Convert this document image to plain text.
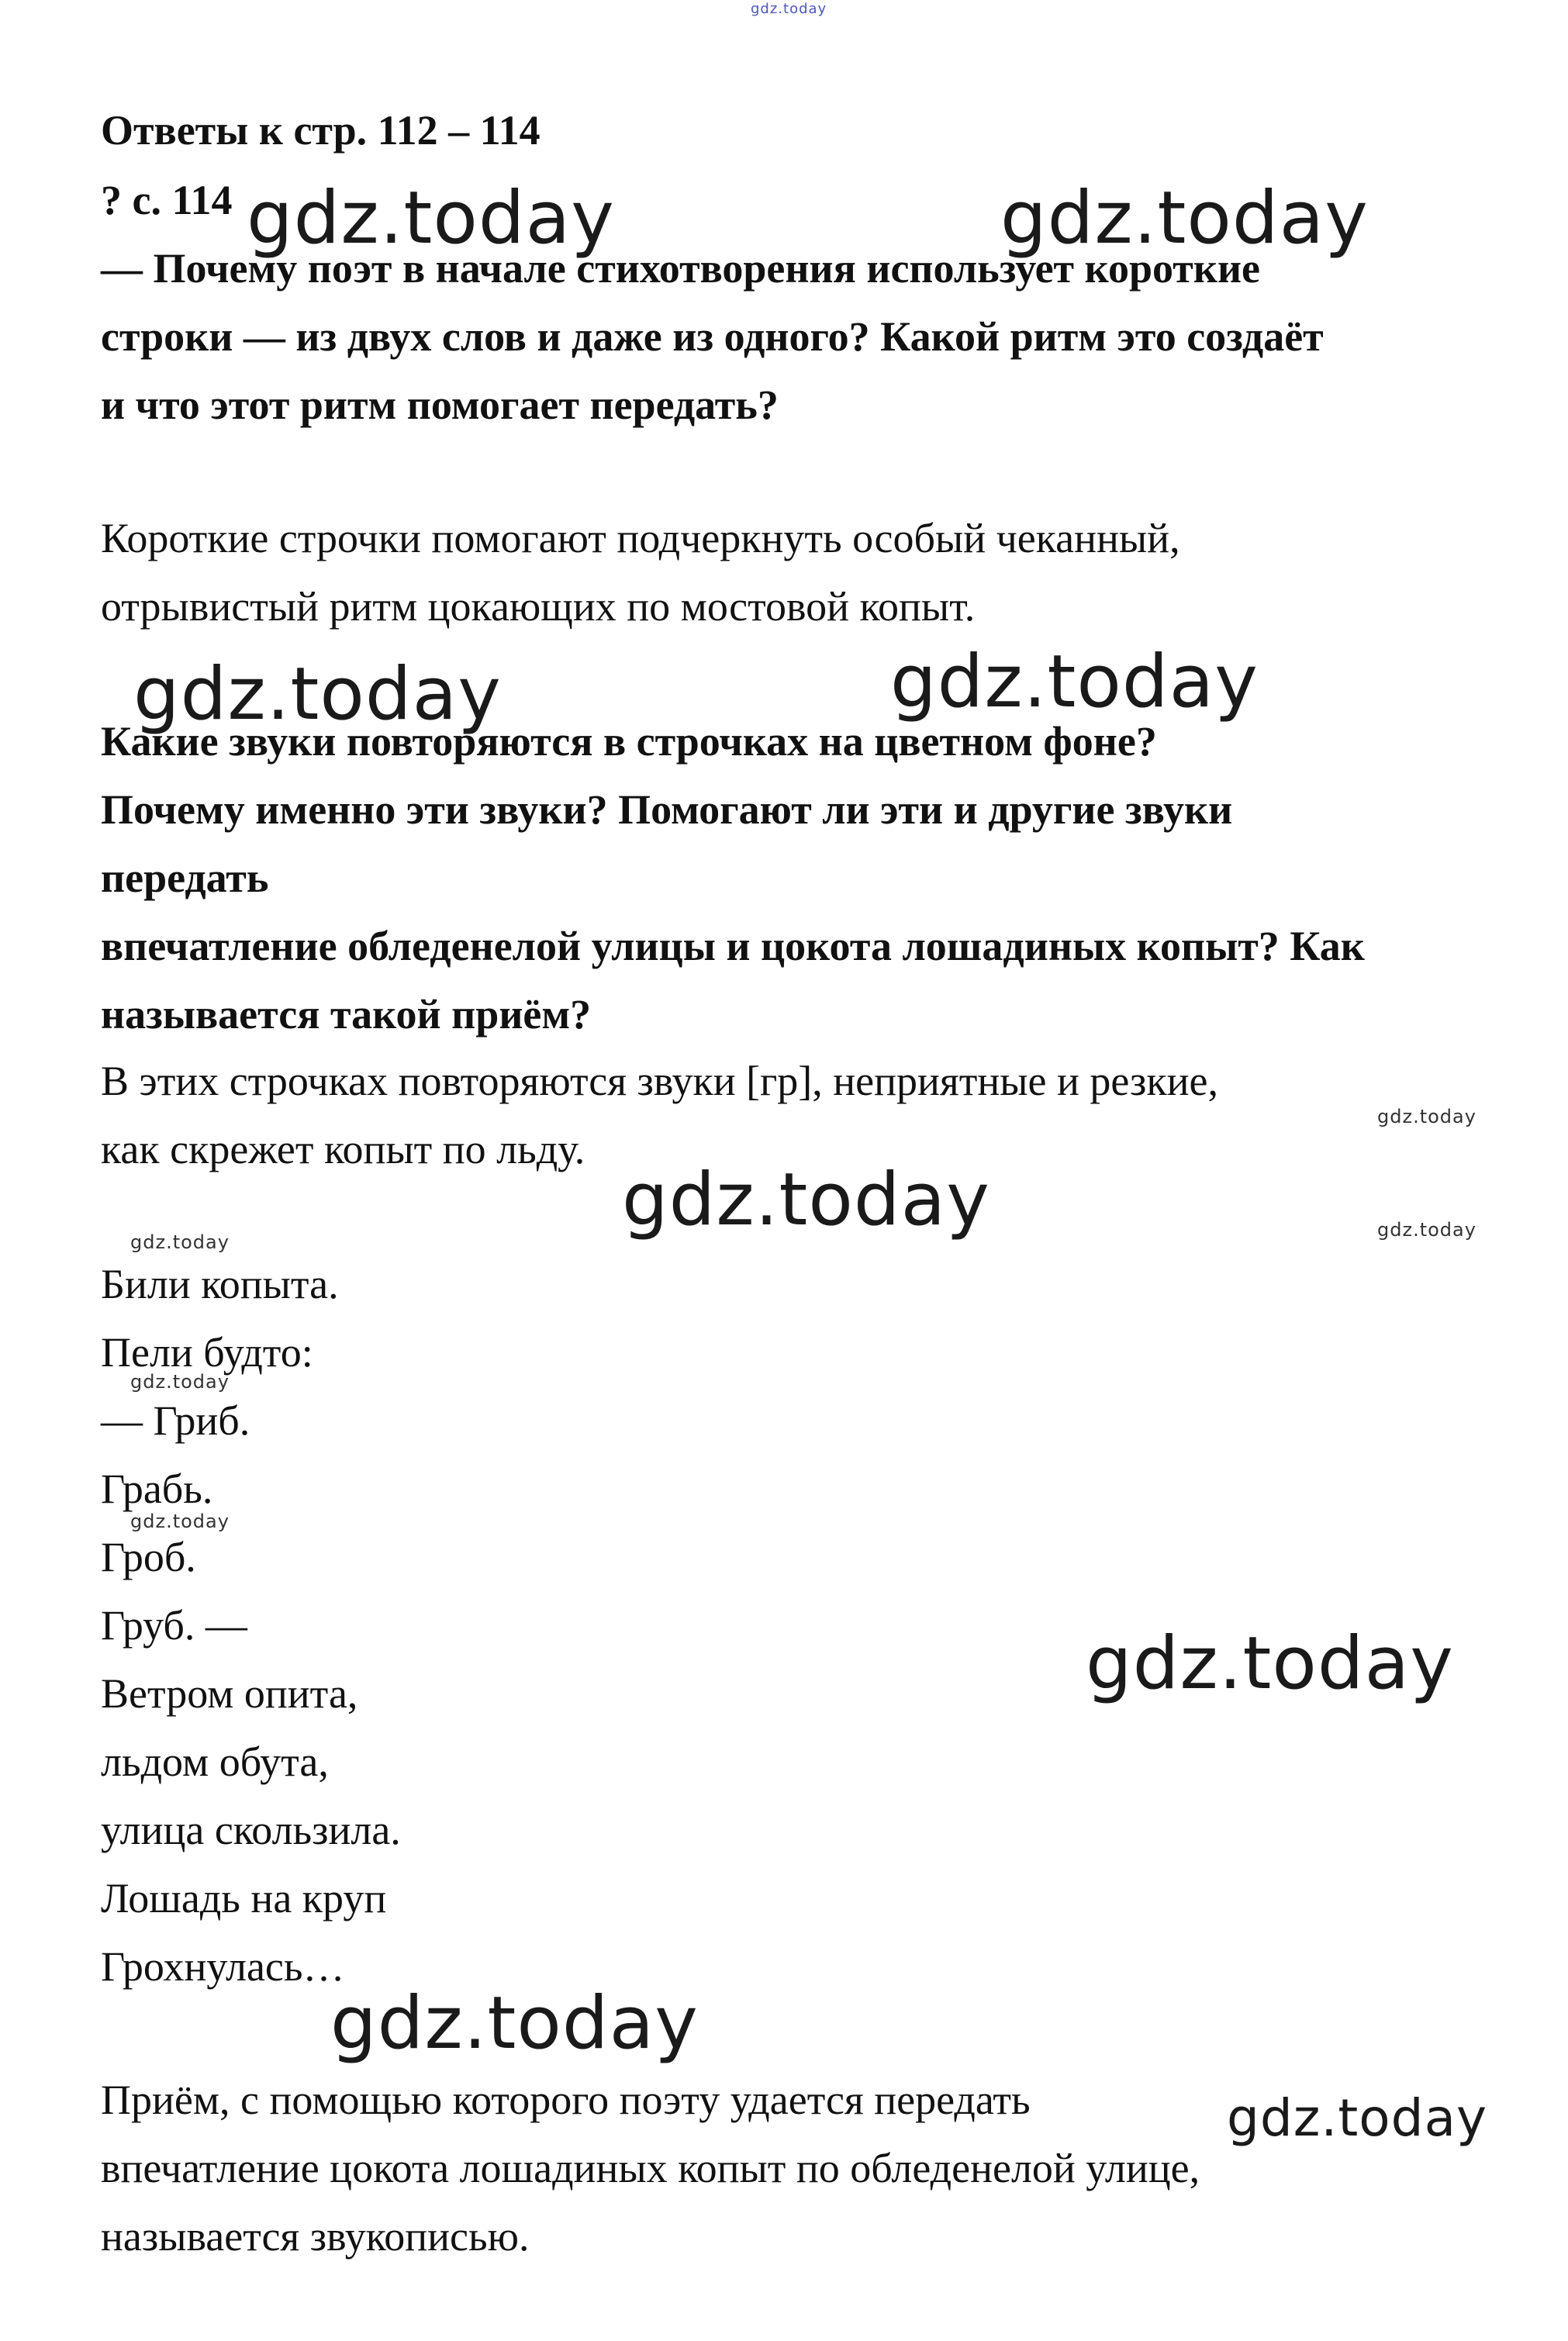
gdz.today
Ответы к стр. 112 – 114
? с. 114
— Почему поэт в начале стихотворения использует короткие
строки — из двух слов и даже из одного? Какой ритм это создаёт
и что этот ритм помогает передать?
Короткие строчки помогают подчеркнуть особый чеканный,
отрывистый ритм цокающих по мостовой копыт.
Какие звуки повторяются в строчках на цветном фоне?
Почему именно эти звуки? Помогают ли эти и другие звуки
передать
впечатление обледенелой улицы и цокота лошадиных копыт? Как
называется такой приём?
В этих строчках повторяются звуки [гр], неприятные и резкие,
как скрежет копыт по льду.
Били копыта.
Пели будто:
— Гриб.
Грабь.
Гроб.
Груб. —
Ветром опита,
льдом обута,
улица скользила.
Лошадь на круп
Грохнулась…
Приём, с помощью которого поэту удается передать
впечатление цокота лошадиных копыт по обледенелой улице,
называется звукописью.
gdz.today	gdz.today
gdz.today	gdz.today
gdz.today
gdz.today
gdz.today
gdz.today
gdz.today
gdz.today
gdz.today
gdz.today
gdz.today
